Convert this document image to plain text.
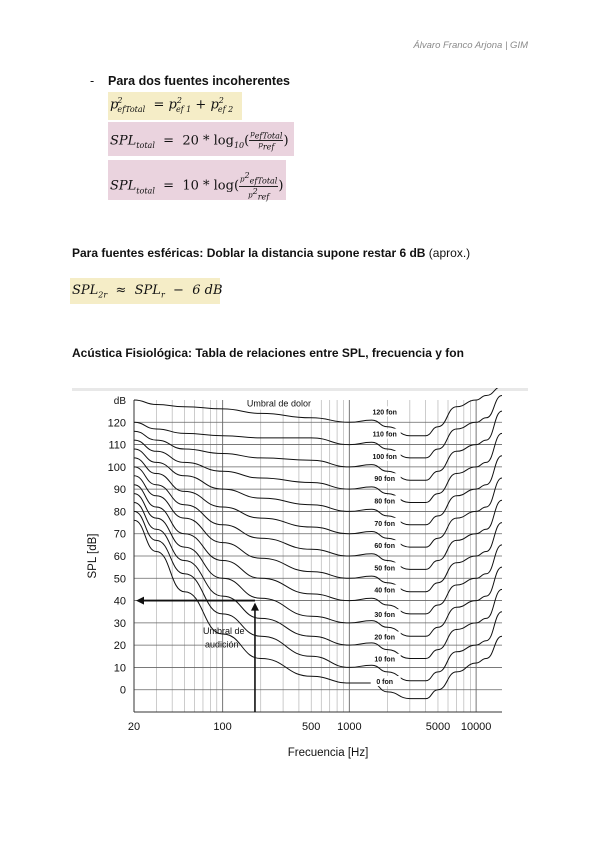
Álvaro Franco Arjona | GIM
- Para dos fuentes incoherentes
$p^2_{efTotal} = p^2_{ef 1} + p^2_{ef 2}$
$SPL_{total} = 20 * \log_{10}( \frac{p_{efTotal}}{p_{ref}}$ )
$SPL_{total} = 10 * \log( \frac{p^2_{efTotal}}{p^2_{ref}}$ )
Para fuentes esféricas: Doblar la distancia supone restar 6 dB (aprox.)
$SPL_{2r} \approx SPL_r - 6$ dB
Acústica Fisiológica: Tabla de relaciones entre SPL, frecuencia y fon
0
10
20
30
40
50
60
70
80
90
100
110
120
dB
20	100	500 1000	5000 10000
Frecuencia [Hz]
SPL [dB]
0 fon
10 fon
20 fon
30 fon
40 fon
50 fon
60 fon
70 fon
80 fon
90 fon
100 fon
110 fon
120 fon
Umbral de dolor
Umbral de
audición
